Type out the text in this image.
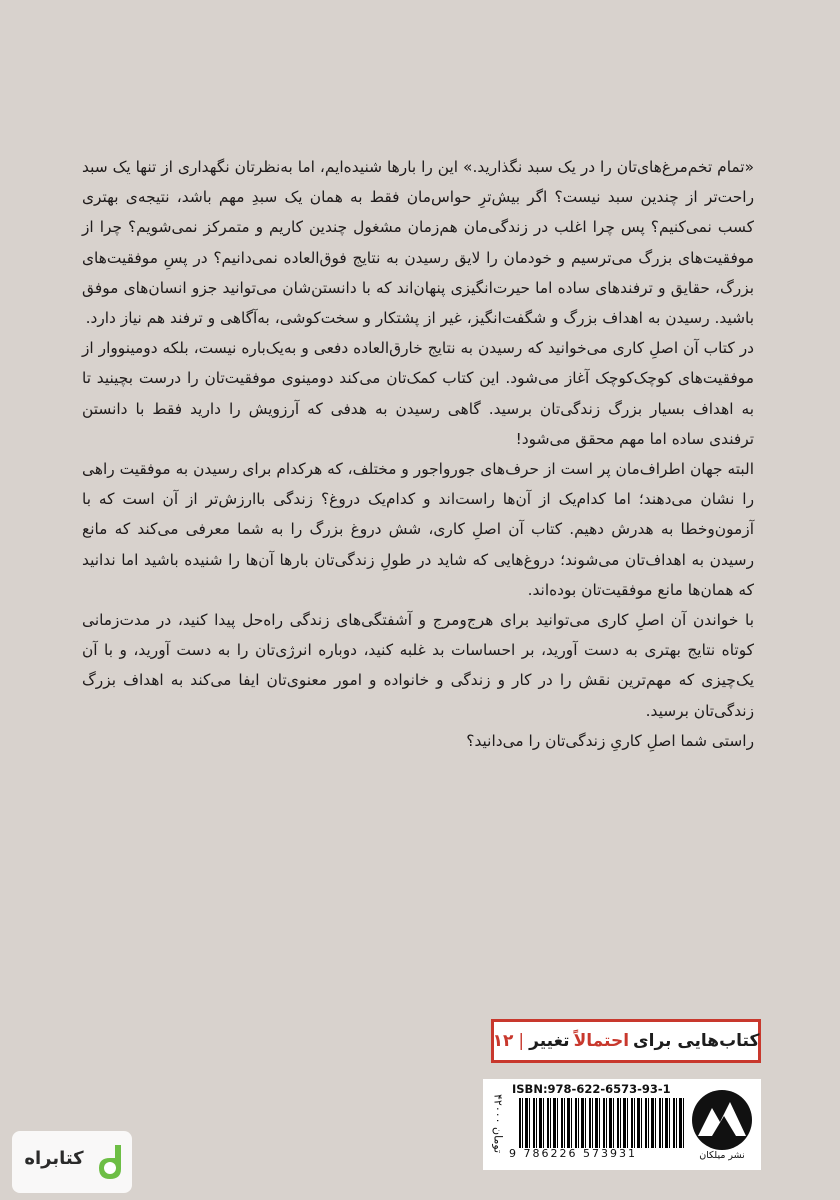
«تمام تخم‌مرغ‌های‌تان را در یک سبد نگذارید.» این را بارها شنیده‌ایم، اما به‌نظرتان نگهداری از تنها یک سبد راحت‌تر از چندین سبد نیست؟ اگر بیش‌ترِ حواس‌مان فقط به همان یک سبدِ مهم باشد، نتیجه‌ی بهتری کسب نمی‌کنیم؟ پس چرا اغلب در زندگی‌مان هم‌زمان مشغول چندین کاریم و متمرکز نمی‌شویم؟ چرا از موفقیت‌های بزرگ می‌ترسیم و خودمان را لایق رسیدن به نتایج فوق‌العاده نمی‌دانیم؟ در پسِ موفقیت‌های بزرگ، حقایق و ترفندهای ساده اما حیرت‌انگیزی پنهان‌اند که با دانستن‌شان می‌توانید جزو انسان‌های موفق باشید. رسیدن به اهداف بزرگ و شگفت‌انگیز، غیر از پشتکار و سخت‌کوشی، به‌آگاهی و ترفند هم نیاز دارد.

در کتاب آن اصلِ کاری می‌خوانید که رسیدن به نتایج خارق‌العاده دفعی و به‌یک‌باره نیست، بلکه دومینووار از موفقیت‌های کوچک‌کوچک آغاز می‌شود. این کتاب کمک‌تان می‌کند دومینوی موفقیت‌تان را درست بچینید تا به اهداف بسیار بزرگ زندگی‌تان برسید. گاهی رسیدن به هدفی که آرزویش را دارید فقط با دانستن ترفندی ساده اما مهم محقق می‌شود!

البته جهان اطراف‌مان پر است از حرف‌های جورواجور و مختلف، که هرکدام برای رسیدن به موفقیت راهی را نشان می‌دهند؛ اما کدام‌یک از آن‌ها راست‌اند و کدام‌یک دروغ؟ زندگی باارزش‌تر از آن است که با آزمون‌وخطا به هدرش دهیم. کتاب آن اصلِ کاری، شش دروغ بزرگ را به شما معرفی می‌کند که مانع رسیدن به اهداف‌تان می‌شوند؛ دروغ‌هایی که شاید در طولِ زندگی‌تان بارها آن‌ها را شنیده باشید اما ندانید که همان‌ها مانع موفقیت‌تان بوده‌اند.

با خواندن آن اصلِ کاری می‌توانید برای هرج‌ومرج و آشفتگی‌های زندگی راه‌حل پیدا کنید، در مدت‌زمانی کوتاه نتایج بهتری به دست آورید، بر احساسات بد غلبه کنید، دوباره انرژی‌تان را به دست آورید، و با آن یک‌چیزی که مهم‌ترین نقش را در کار و زندگی و خانواده و امور معنوی‌تان ایفا می‌کند به اهداف بزرگ زندگی‌تان برسید.

راستی شما اصلِ کاریِ زندگی‌تان را می‌دانید؟

کتاب‌هایی برای
احتمالاً
تغییر
|
۱۲
۴۲۰۰۰ تومان
ISBN:978-622-6573-93-1
9 786226 573931	نشر میلکان
کتابراه
